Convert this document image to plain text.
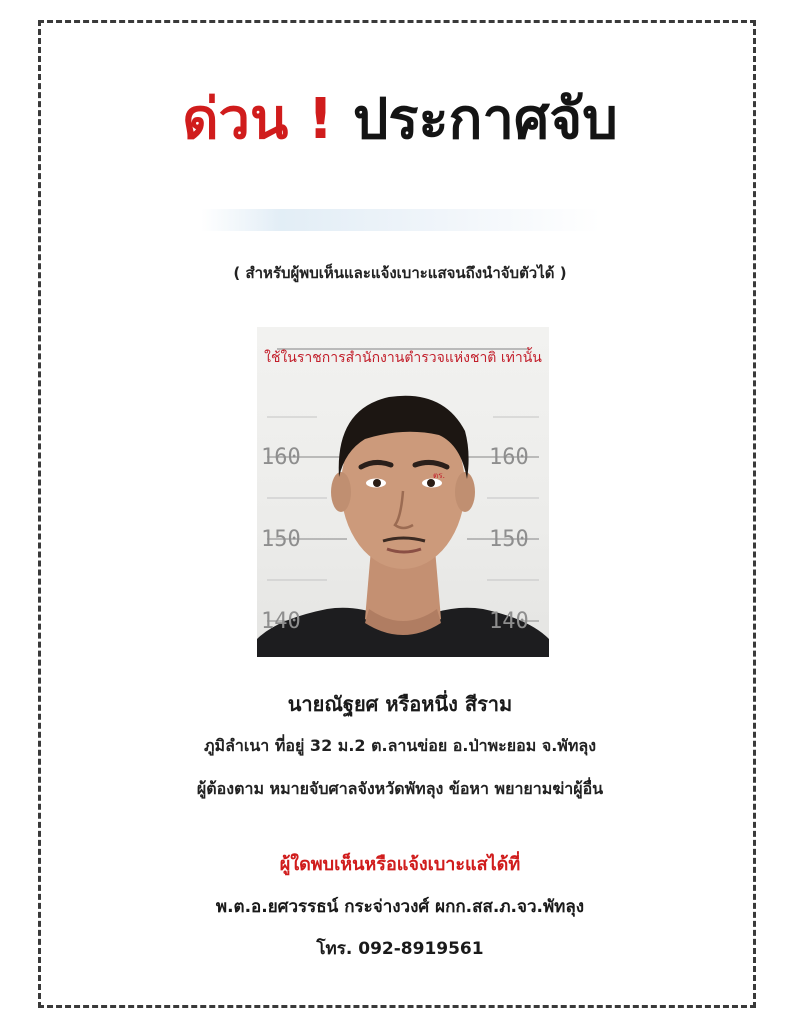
ด่วน ! ประกาศจับ
( สำหรับผู้พบเห็นและแจ้งเบาะแสจนถึงนำจับตัวได้ )
ใช้ในราชการสำนักงานตำรวจแห่งชาติ เท่านั้น
160	160
150	150
140	140
ตร.
นายณัฐยศ หรือหนึ่ง สีราม
ภูมิลำเนา ที่อยู่ 32 ม.2 ต.ลานข่อย อ.ป่าพะยอม จ.พัทลุง
ผู้ต้องตาม หมายจับศาลจังหวัดพัทลุง ข้อหา พยายามฆ่าผู้อื่น
ผู้ใดพบเห็นหรือแจ้งเบาะแสได้ที่
พ.ต.อ.ยศวรรธน์ กระจ่างวงศ์ ผกก.สส.ภ.จว.พัทลุง
โทร. 092-8919561
